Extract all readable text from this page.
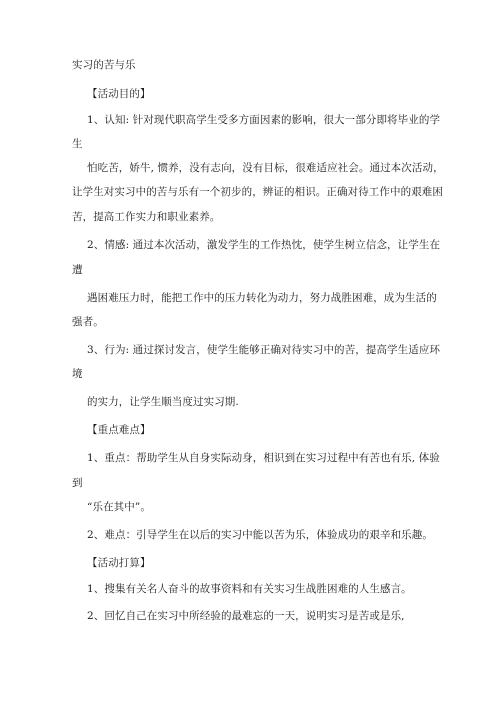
实习的苦与乐
【活动目的】
1、认知: 针对现代职高学生受多方面因素的影响，很大一部分即将毕业的学
生
怕吃苦，娇牛, 惯养，没有志向，没有目标，很难适应社会。通过本次活动，
让学生对实习中的苦与乐有一个初步的，辨证的相识。正确对待工作中的艰难困
苦，提高工作实力和职业素养。
2、情感: 通过本次活动，激发学生的工作热忱，使学生树立信念，让学生在
遭
遇困难压力时，能把工作中的压力转化为动力，努力战胜困难，成为生活的
强者。
3、行为: 通过探讨发言，使学生能够正确对待实习中的苦，提高学生适应环
境
的实力，让学生顺当度过实习期.
【重点难点】
1、重点：帮助学生从自身实际动身，相识到在实习过程中有苦也有乐, 体验
到
“乐在其中”。
2、难点：引导学生在以后的实习中能以苦为乐，体验成功的艰辛和乐趣。
【活动打算】
1、搜集有关名人奋斗的故事资料和有关实习生战胜困难的人生感言。
2、回忆自己在实习中所经验的最难忘的一天，说明实习是苦或是乐,
